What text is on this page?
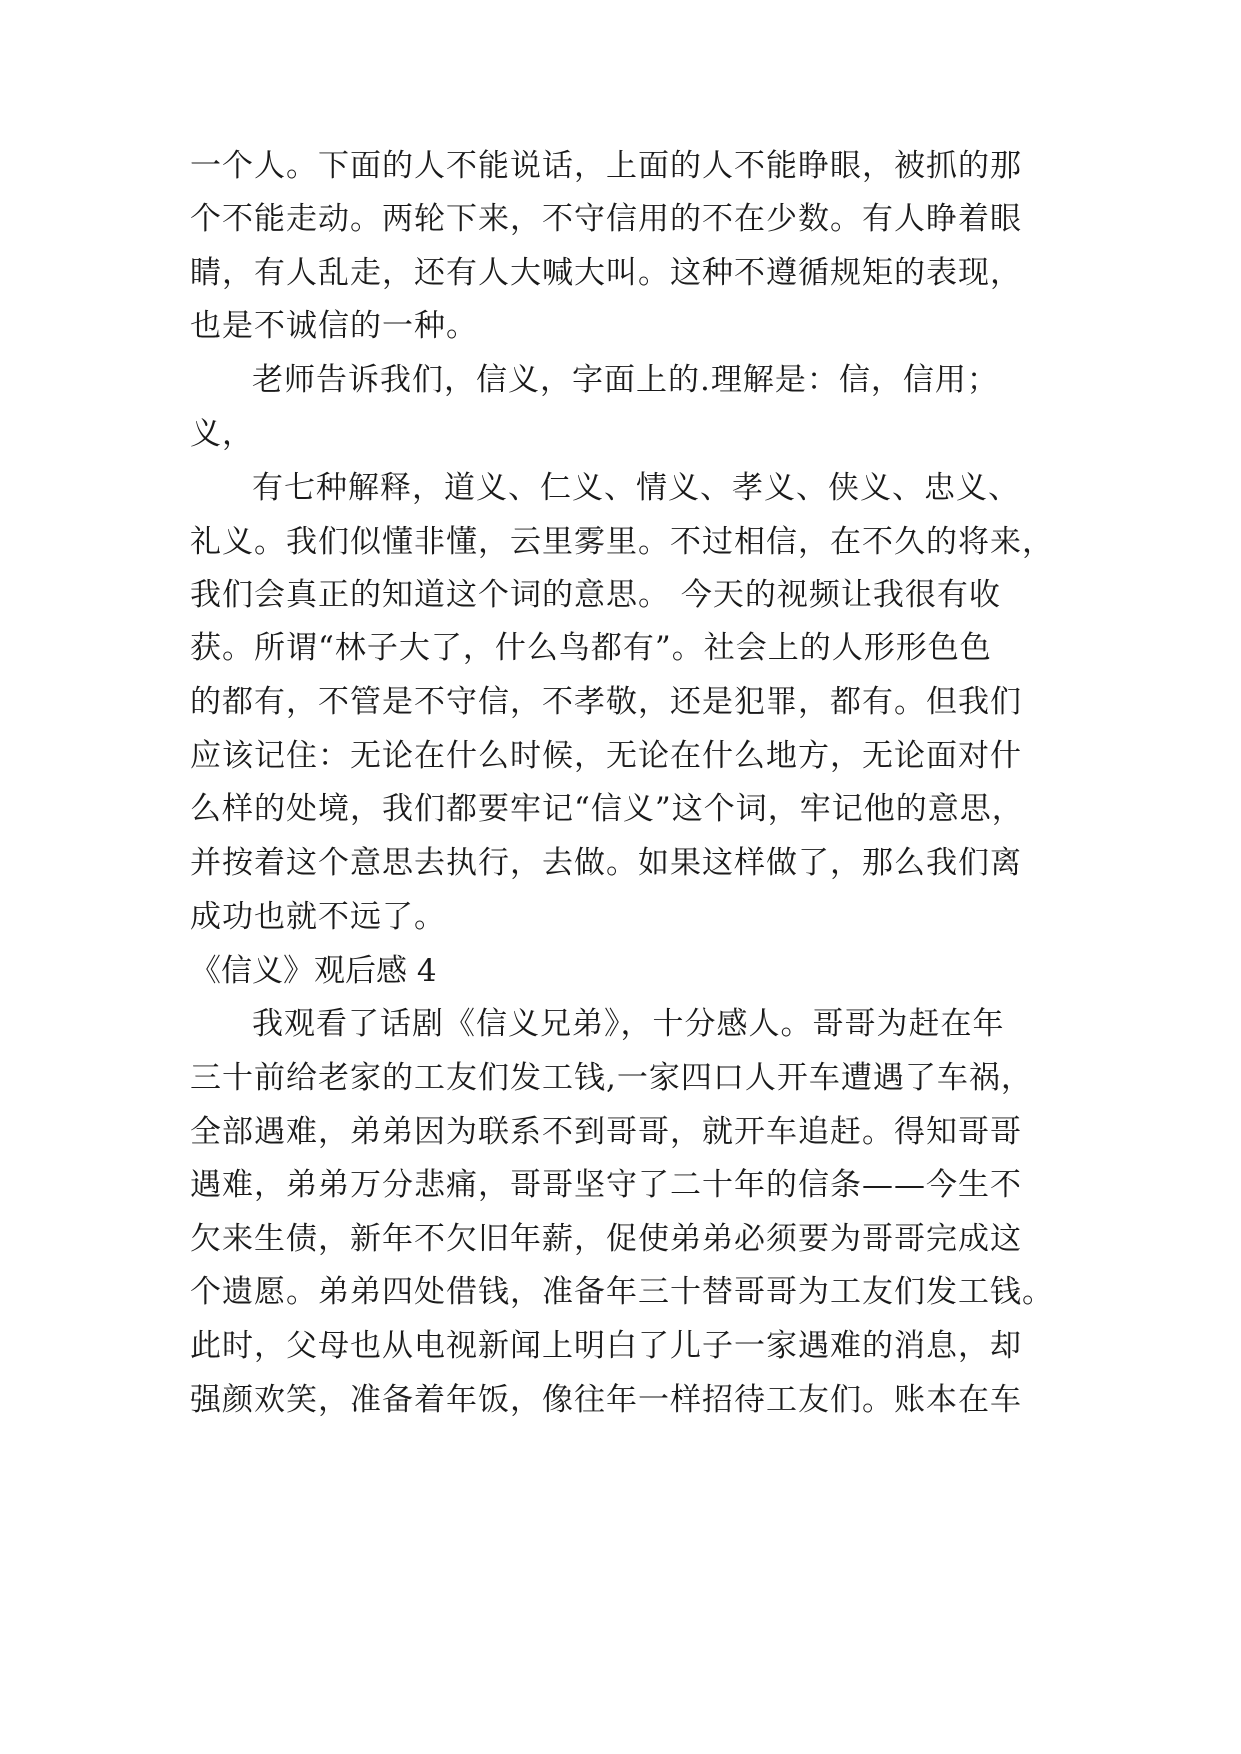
一个人。下面的人不能说话，上面的人不能睁眼，被抓的那
个不能走动。两轮下来，不守信用的不在少数。有人睁着眼
睛，有人乱走，还有人大喊大叫。这种不遵循规矩的表现，
也是不诚信的一种。
老师告诉我们，信义，字面上的.理解是：信，信用；
义，
有七种解释，道义、仁义、情义、孝义、侠义、忠义、
礼义。我们似懂非懂，云里雾里。不过相信，在不久的将来，
我们会真正的知道这个词的意思。 今天的视频让我很有收
获。所谓“林子大了，什么鸟都有”。社会上的人形形色色
的都有，不管是不守信，不孝敬，还是犯罪，都有。但我们
应该记住：无论在什么时候，无论在什么地方，无论面对什
么样的处境，我们都要牢记“信义”这个词，牢记他的意思，
并按着这个意思去执行，去做。如果这样做了，那么我们离
成功也就不远了。
《信义》观后感 4
我观看了话剧《信义兄弟》，十分感人。哥哥为赶在年
三十前给老家的工友们发工钱,一家四口人开车遭遇了车祸，
全部遇难，弟弟因为联系不到哥哥，就开车追赶。得知哥哥
遇难，弟弟万分悲痛，哥哥坚守了二十年的信条——今生不
欠来生债，新年不欠旧年薪，促使弟弟必须要为哥哥完成这
个遗愿。弟弟四处借钱，准备年三十替哥哥为工友们发工钱。
此时，父母也从电视新闻上明白了儿子一家遇难的消息，却
强颜欢笑，准备着年饭，像往年一样招待工友们。账本在车
